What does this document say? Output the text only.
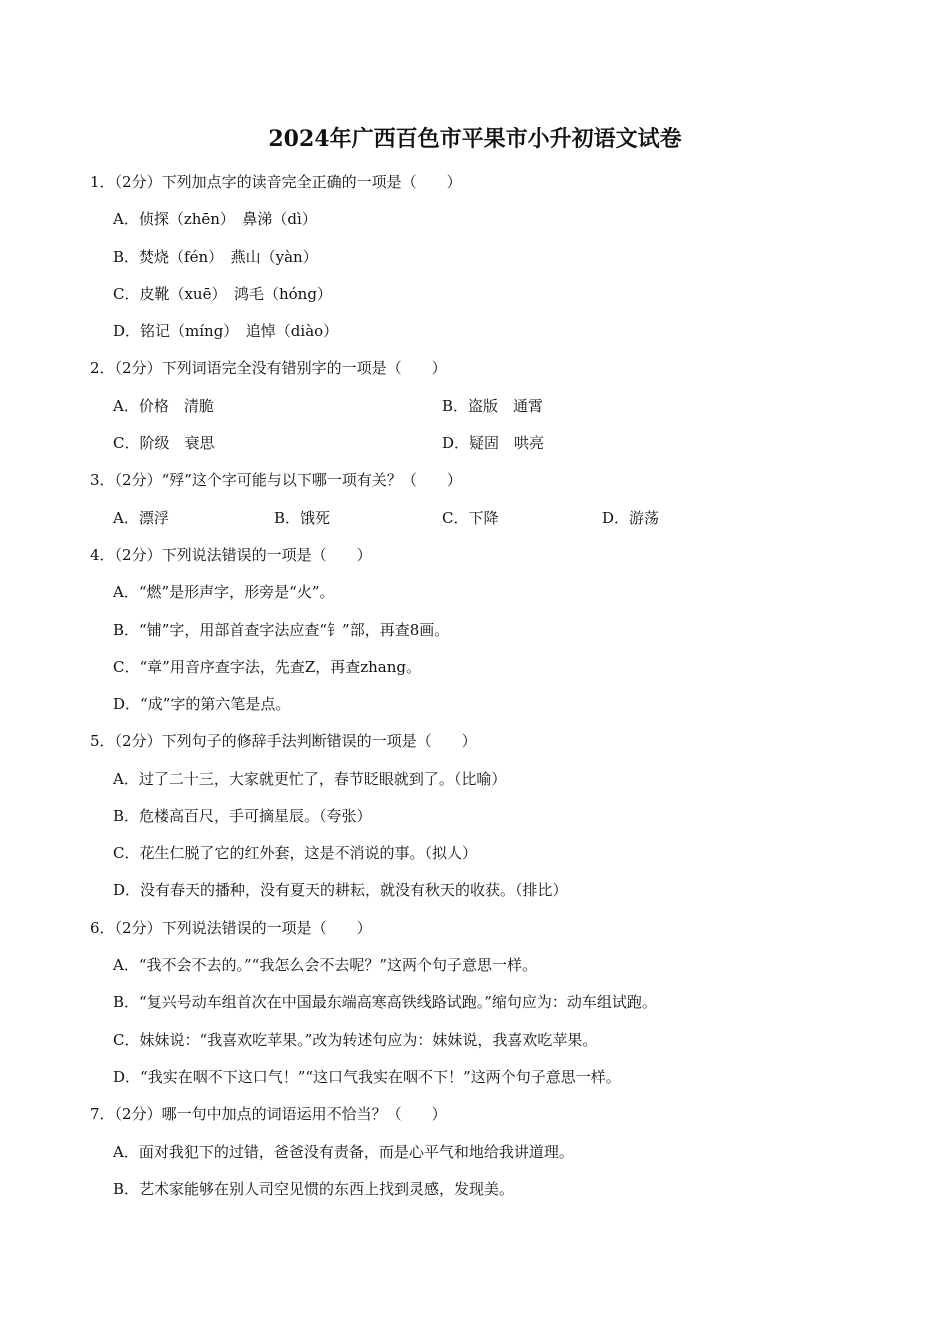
2024年广西百色市平果市小升初语文试卷
1．（2分）下列加点字的读音完全正确的一项是（　　）
A．侦探（zhēn）　鼻涕（dì）
B．焚烧（fén）　燕山（yàn）
C．皮靴（xuē）　鸿毛（hóng）
D．铭记（míng）　追悼（diào）
2．（2分）下列词语完全没有错别字的一项是（　　）
A．价格　清脆	B．盗版　通霄
C．阶级　衰思	D．疑固　哄亮
3．（2分）“殍”这个字可能与以下哪一项有关？（　　）
A．漂浮	B．饿死	C．下降	D．游荡
4．（2分）下列说法错误的一项是（　　）
A．“燃”是形声字，形旁是“火”。
B．“铺”字，用部首查字法应查“钅”部，再查8画。
C．“章”用音序查字法，先查Z，再查zhang。
D．“成”字的第六笔是点。
5．（2分）下列句子的修辞手法判断错误的一项是（　　）
A．过了二十三，大家就更忙了，春节眨眼就到了。（比喻）
B．危楼高百尺，手可摘星辰。（夸张）
C．花生仁脱了它的红外套，这是不消说的事。（拟人）
D．没有春天的播种，没有夏天的耕耘，就没有秋天的收获。（排比）
6．（2分）下列说法错误的一项是（　　）
A．“我不会不去的。”“我怎么会不去呢？”这两个句子意思一样。
B．“复兴号动车组首次在中国最东端高寒高铁线路试跑。”缩句应为：动车组试跑。
C．妹妹说：“我喜欢吃苹果。”改为转述句应为：妹妹说，我喜欢吃苹果。
D．“我实在咽不下这口气！”“这口气我实在咽不下！”这两个句子意思一样。
7．（2分）哪一句中加点的词语运用不恰当？（　　）
A．面对我犯下的过错，爸爸没有责备，而是心平气和地给我讲道理。
B．艺术家能够在别人司空见惯的东西上找到灵感，发现美。
